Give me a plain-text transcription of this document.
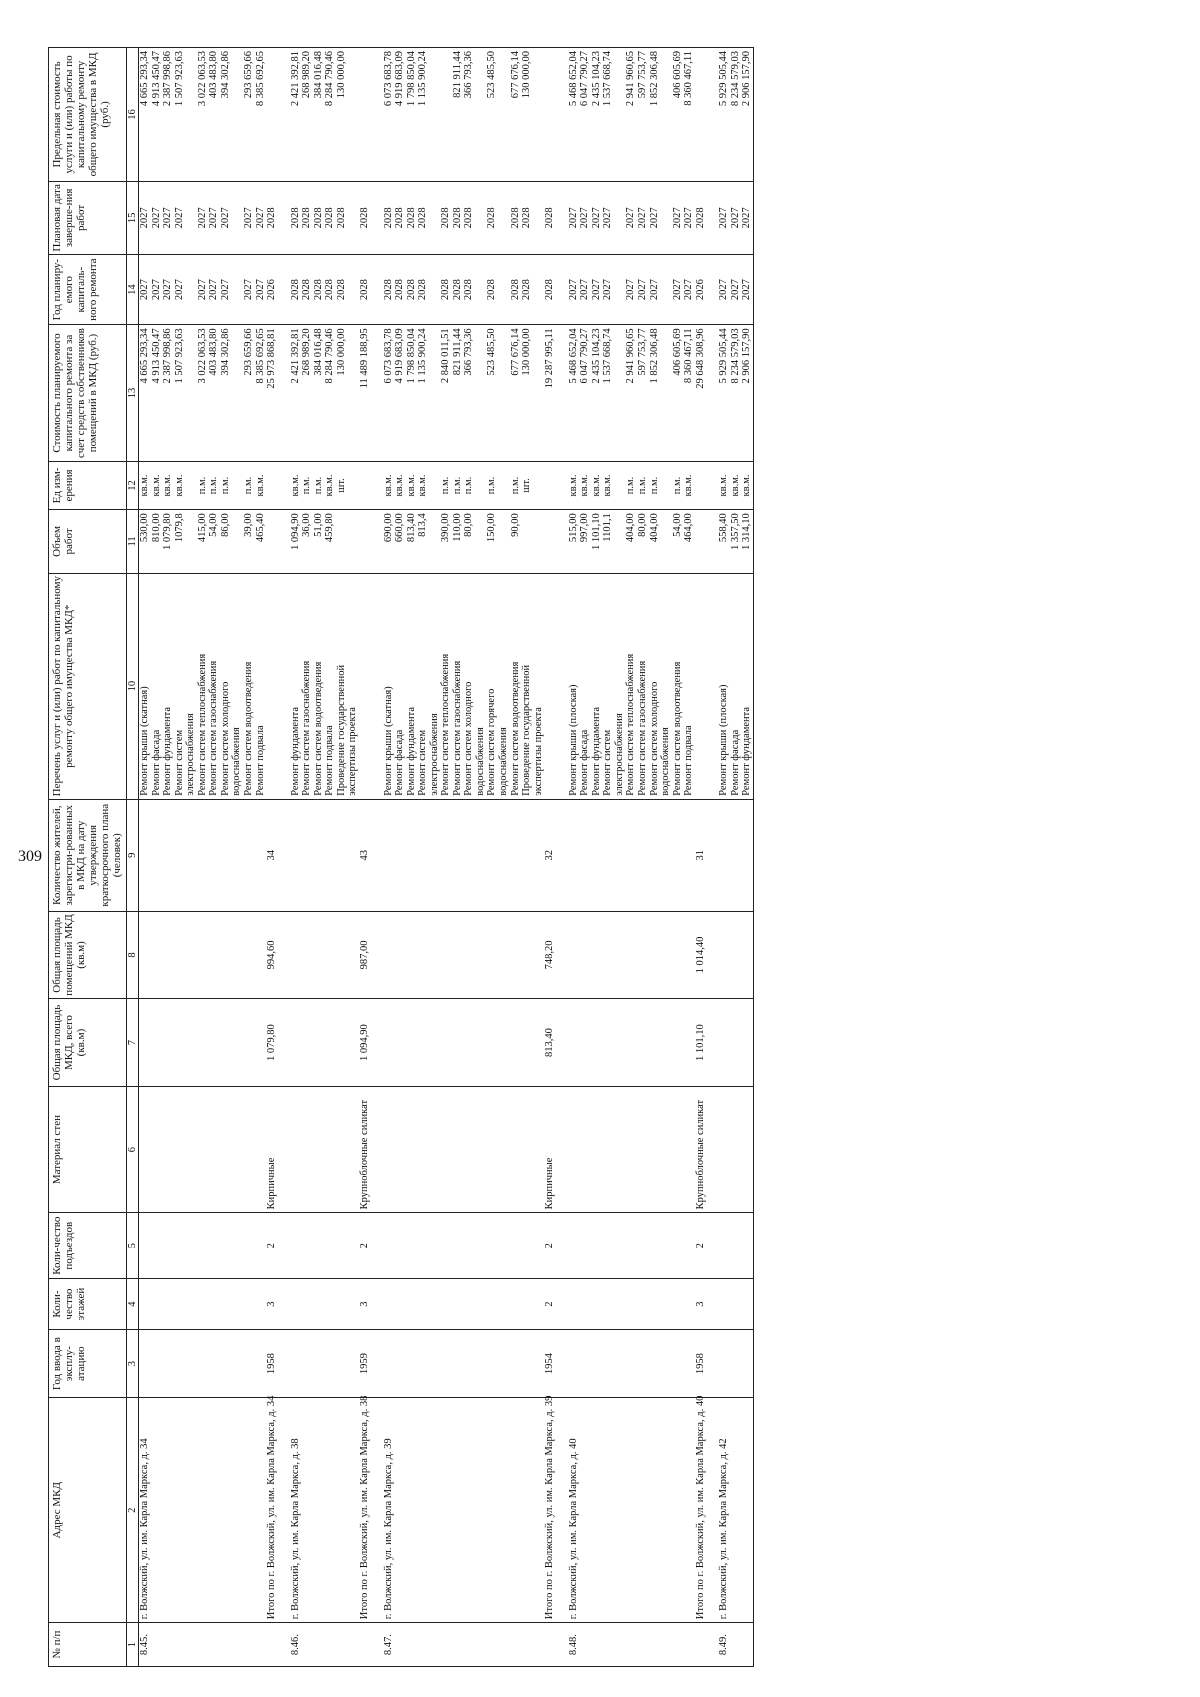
309
№ п/п	Адрес МКД	Год ввода в эксплу-атацию	Коли-чество этажей	Коли-чество подъездов	Материал стен	Общая площадь МКД, всего (кв.м)	Общая площадь помещений МКД (кв.м)	Количество жителей, зарегистри-рованных в МКД на дату утверждения краткосрочного плана (человек)	Перечень услуг и (или) работ по капитальному ремонту общего имущества МКД*	Объем работ	Ед изм-ерения	Стоимость планируемого капитального ремонта за счет средств собственников помещений в МКД (руб.)	Год планиру-емого капиталь-ного ремонта	Плановая дата заверше-ния работ	Предельная стоимость услуги и (или) работы по капитальному ремонту общего имущества в МКД (руб.)
1	2	3	4	5	6	7	8	9	10	11	12	13	14	15	16
8.45.	г. Волжский, ул. им. Карла Маркса, д. 34								Ремонт крыши (скатная)	530,00	кв.м.	4 665 293,34	2027	2027	4 665 293,34
									Ремонт фасада	810,00	кв.м.	4 913 450,47	2027	2027	4 913 450,47
									Ремонт фундамента	1 079,80	кв.м.	2 387 998,86	2027	2027	2 387 998,86
									Ремонт систем	1079,8	кв.м.	1 507 923,63	2027	2027	1 507 923,63
									электроснабжения						
									Ремонт систем теплоснабжения	415,00	п.м.	3 022 063,53	2027	2027	3 022 063,53

									Ремонт систем газоснабжения	54,00	п.м.	403 483,80	2027	2027	403 483,80
									Ремонт систем холодного	86,00	п.м.	394 302,86	2027	2027	394 302,86
									водоснабжения						
									Ремонт систем водоотведения	39,00	п.м.	293 659,66	2027	2027	293 659,66
									Ремонт подвала	465,40	кв.м.	8 385 692,65	2027	2027	8 385 692,65
	Итого по г. Волжский, ул. им. Карла Маркса, д. 34	1958	3	2	Кирпичные	1 079,80	994,60	34				25 973 868,81	2026	2028	

8.46.	г. Волжский, ул. им. Карла Маркса, д. 38								Ремонт фундамента	1 094,90	кв.м.	2 421 392,81	2028	2028	2 421 392,81
									Ремонт систем газоснабжения	36,00	п.м.	268 989,20	2028	2028	268 989,20
									Ремонт систем водоотведения	51,00	п.м.	384 016,48	2028	2028	384 016,48
									Ремонт подвала	459,80	кв.м.	8 284 790,46	2028	2028	8 284 790,46
									Проведение государственной		шт.	130 000,00	2028	2028	130 000,00
									экспертизы проекта						
	Итого по г. Волжский, ул. им. Карла Маркса, д. 38	1959	3	2	Крупноблочные силикат	1 094,90	987,00	43				11 489 188,95	2028	2028	

8.47.	г. Волжский, ул. им. Карла Маркса, д. 39								Ремонт крыши (скатная)	690,00	кв.м.	6 073 683,78	2028	2028	6 073 683,78
									Ремонт фасада	660,00	кв.м.	4 919 683,09	2028	2028	4 919 683,09
									Ремонт фундамента	813,40	кв.м.	1 798 850,04	2028	2028	1 798 850,04
									Ремонт систем	813,4	кв.м.	1 135 900,24	2028	2028	1 135 900,24
									электроснабжения						
									Ремонт систем теплоснабжения	390,00	п.м.	2 840 011,51	2028	2028	

									Ремонт систем газоснабжения	110,00	п.м.	821 911,44	2028	2028	821 911,44
									Ремонт систем холодного	80,00	п.м.	366 793,36	2028	2028	366 793,36
									водоснабжения						
									Ремонт систем горячего	150,00	п.м.	523 485,50	2028	2028	523 485,50
									водоснабжения						
									Ремонт систем водоотведения	90,00	п.м.	677 676,14	2028	2028	677 676,14
									Проведение государственной		шт.	130 000,00	2028	2028	130 000,00
									экспертизы проекта						
	Итого по г. Волжский, ул. им. Карла Маркса, д. 39	1954	2	2	Кирпичные	813,40	748,20	32				19 287 995,11	2028	2028	

8.48.	г. Волжский, ул. им. Карла Маркса, д. 40								Ремонт крыши (плоская)	515,00	кв.м.	5 468 652,04	2027	2027	5 468 652,04
									Ремонт фасада	997,00	кв.м.	6 047 790,27	2027	2027	6 047 790,27
									Ремонт фундамента	1 101,10	кв.м.	2 435 104,23	2027	2027	2 435 104,23
									Ремонт систем	1101,1	кв.м.	1 537 668,74	2027	2027	1 537 668,74
									электроснабжения						
									Ремонт систем теплоснабжения	404,00	п.м.	2 941 960,65	2027	2027	2 941 960,65

									Ремонт систем газоснабжения	80,00	п.м.	597 753,77	2027	2027	597 753,77
									Ремонт систем холодного	404,00	п.м.	1 852 306,48	2027	2027	1 852 306,48
									водоснабжения						
									Ремонт систем водоотведения	54,00	п.м.	406 605,69	2027	2027	406 605,69
									Ремонт подвала	464,00	кв.м.	8 360 467,11	2027	2027	8 360 467,11
	Итого по г. Волжский, ул. им. Карла Маркса, д. 40	1958	3	2	Крупноблочные силикат	1 101,10	1 014,40	31				29 648 308,96	2026	2028	

8.49.	г. Волжский, ул. им. Карла Маркса, д. 42								Ремонт крыши (плоская)	558,40	кв.м.	5 929 505,44	2027	2027	5 929 505,44
									Ремонт фасада	1 357,50	кв.м.	8 234 579,03	2027	2027	8 234 579,03
									Ремонт фундамента	1 314,10	кв.м.	2 906 157,90	2027	2027	2 906 157,90
